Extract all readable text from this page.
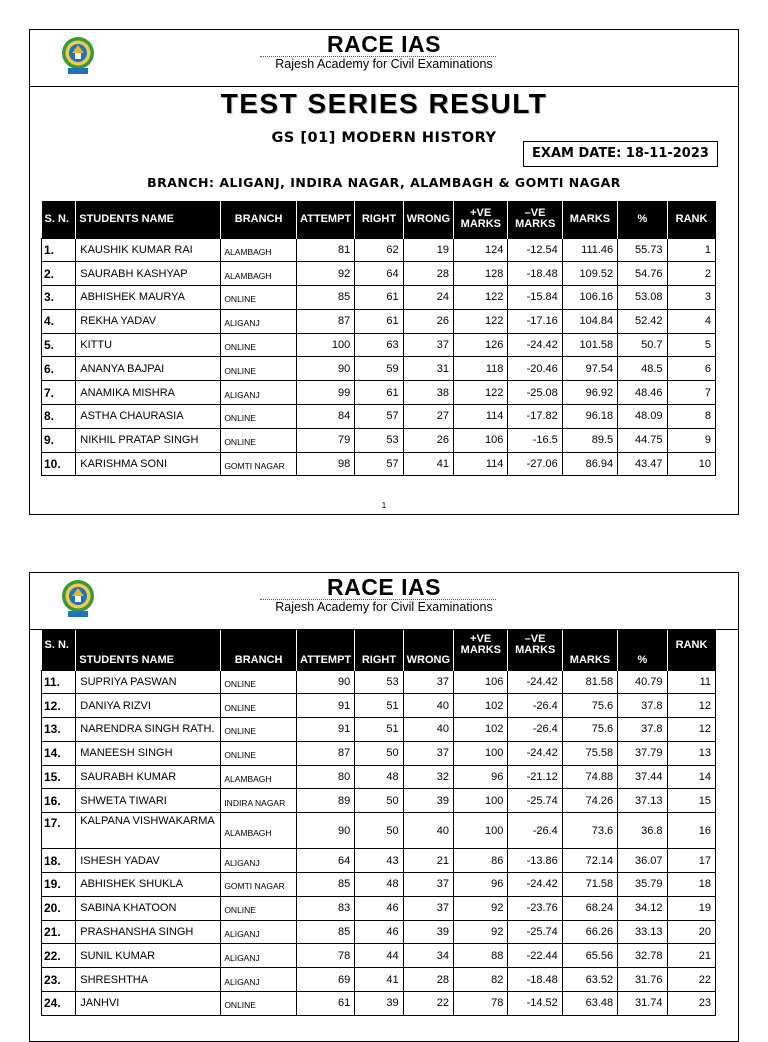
RACE IAS
Rajesh Academy for Civil Examinations
TEST SERIES RESULT
GS [01] MODERN HISTORY
EXAM DATE: 18-11-2023
BRANCH: ALIGANJ, INDIRA NAGAR, ALAMBAGH & GOMTI NAGAR
S. N.	STUDENTS NAME	BRANCH	ATTEMPT	RIGHT	WRONG	+VE MARKS	–VE MARKS	MARKS	%	RANK
1.	KAUSHIK KUMAR RAI	ALAMBAGH	81	62	19	124	-12.54	111.46	55.73	1
2.	SAURABH KASHYAP	ALAMBAGH	92	64	28	128	-18.48	109.52	54.76	2
3.	ABHISHEK MAURYA	ONLINE	85	61	24	122	-15.84	106.16	53.08	3
4.	REKHA YADAV	ALIGANJ	87	61	26	122	-17.16	104.84	52.42	4
5.	KITTU	ONLINE	100	63	37	126	-24.42	101.58	50.7	5
6.	ANANYA BAJPAI	ONLINE	90	59	31	118	-20.46	97.54	48.5	6
7.	ANAMIKA MISHRA	ALIGANJ	99	61	38	122	-25.08	96.92	48.46	7
8.	ASTHA CHAURASIA	ONLINE	84	57	27	114	-17.82	96.18	48.09	8
9.	NIKHIL PRATAP SINGH	ONLINE	79	53	26	106	-16.5	89.5	44.75	9
10.	KARISHMA SONI	GOMTI NAGAR	98	57	41	114	-27.06	86.94	43.47	10
1
RACE IAS
Rajesh Academy for Civil Examinations
S. N.	STUDENTS NAME	BRANCH	ATTEMPT	RIGHT	WRONG	+VE MARKS	–VE MARKS	MARKS	%	RANK
11.	SUPRIYA PASWAN	ONLINE	90	53	37	106	-24.42	81.58	40.79	11
12.	DANIYA RIZVI	ONLINE	91	51	40	102	-26.4	75.6	37.8	12
13.	NARENDRA SINGH RATH.	ONLINE	91	51	40	102	-26.4	75.6	37.8	12
14.	MANEESH SINGH	ONLINE	87	50	37	100	-24.42	75.58	37.79	13
15.	SAURABH KUMAR	ALAMBAGH	80	48	32	96	-21.12	74.88	37.44	14
16.	SHWETA TIWARI	INDIRA NAGAR	89	50	39	100	-25.74	74.26	37.13	15
17.	KALPANA VISHWAKARMA	ALAMBAGH	90	50	40	100	-26.4	73.6	36.8	16
18.	ISHESH YADAV	ALIGANJ	64	43	21	86	-13.86	72.14	36.07	17
19.	ABHISHEK SHUKLA	GOMTI NAGAR	85	48	37	96	-24.42	71.58	35.79	18
20.	SABINA KHATOON	ONLINE	83	46	37	92	-23.76	68.24	34.12	19
21.	PRASHANSHA SINGH	ALIGANJ	85	46	39	92	-25.74	66.26	33.13	20
22.	SUNIL KUMAR	ALIGANJ	78	44	34	88	-22.44	65.56	32.78	21
23.	SHRESHTHA	ALIGANJ	69	41	28	82	-18.48	63.52	31.76	22
24.	JANHVI	ONLINE	61	39	22	78	-14.52	63.48	31.74	23
